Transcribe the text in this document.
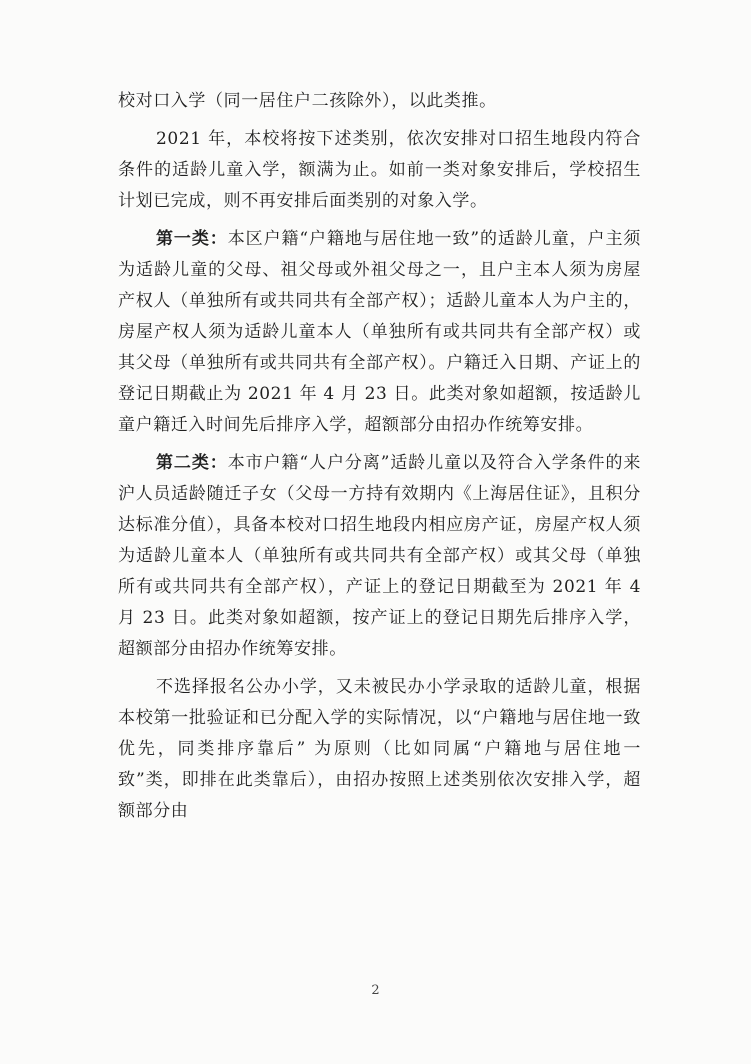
校对口入学（同一居住户二孩除外），以此类推。

2021 年，本校将按下述类别，依次安排对口招生地段内符合条件的适龄儿童入学，额满为止。如前一类对象安排后，学校招生计划已完成，则不再安排后面类别的对象入学。

第一类：本区户籍“户籍地与居住地一致”的适龄儿童，户主须为适龄儿童的父母、祖父母或外祖父母之一，且户主本人须为房屋产权人（单独所有或共同共有全部产权）；适龄儿童本人为户主的，房屋产权人须为适龄儿童本人（单独所有或共同共有全部产权）或其父母（单独所有或共同共有全部产权）。户籍迁入日期、产证上的登记日期截止为 2021 年 4 月 23 日。此类对象如超额，按适龄儿童户籍迁入时间先后排序入学，超额部分由招办作统筹安排。

第二类：本市户籍“人户分离”适龄儿童以及符合入学条件的来沪人员适龄随迁子女（父母一方持有效期内《上海居住证》，且积分达标准分值），具备本校对口招生地段内相应房产证，房屋产权人须为适龄儿童本人（单独所有或共同共有全部产权）或其父母（单独所有或共同共有全部产权），产证上的登记日期截至为 2021 年 4 月 23 日。此类对象如超额，按产证上的登记日期先后排序入学，超额部分由招办作统筹安排。

不选择报名公办小学，又未被民办小学录取的适龄儿童，根据本校第一批验证和已分配入学的实际情况，以“户籍地与居住地一致优先，同类排序靠后” 为原则（比如同属“户籍地与居住地一致”类，即排在此类靠后），由招办按照上述类别依次安排入学，超额部分由

2
